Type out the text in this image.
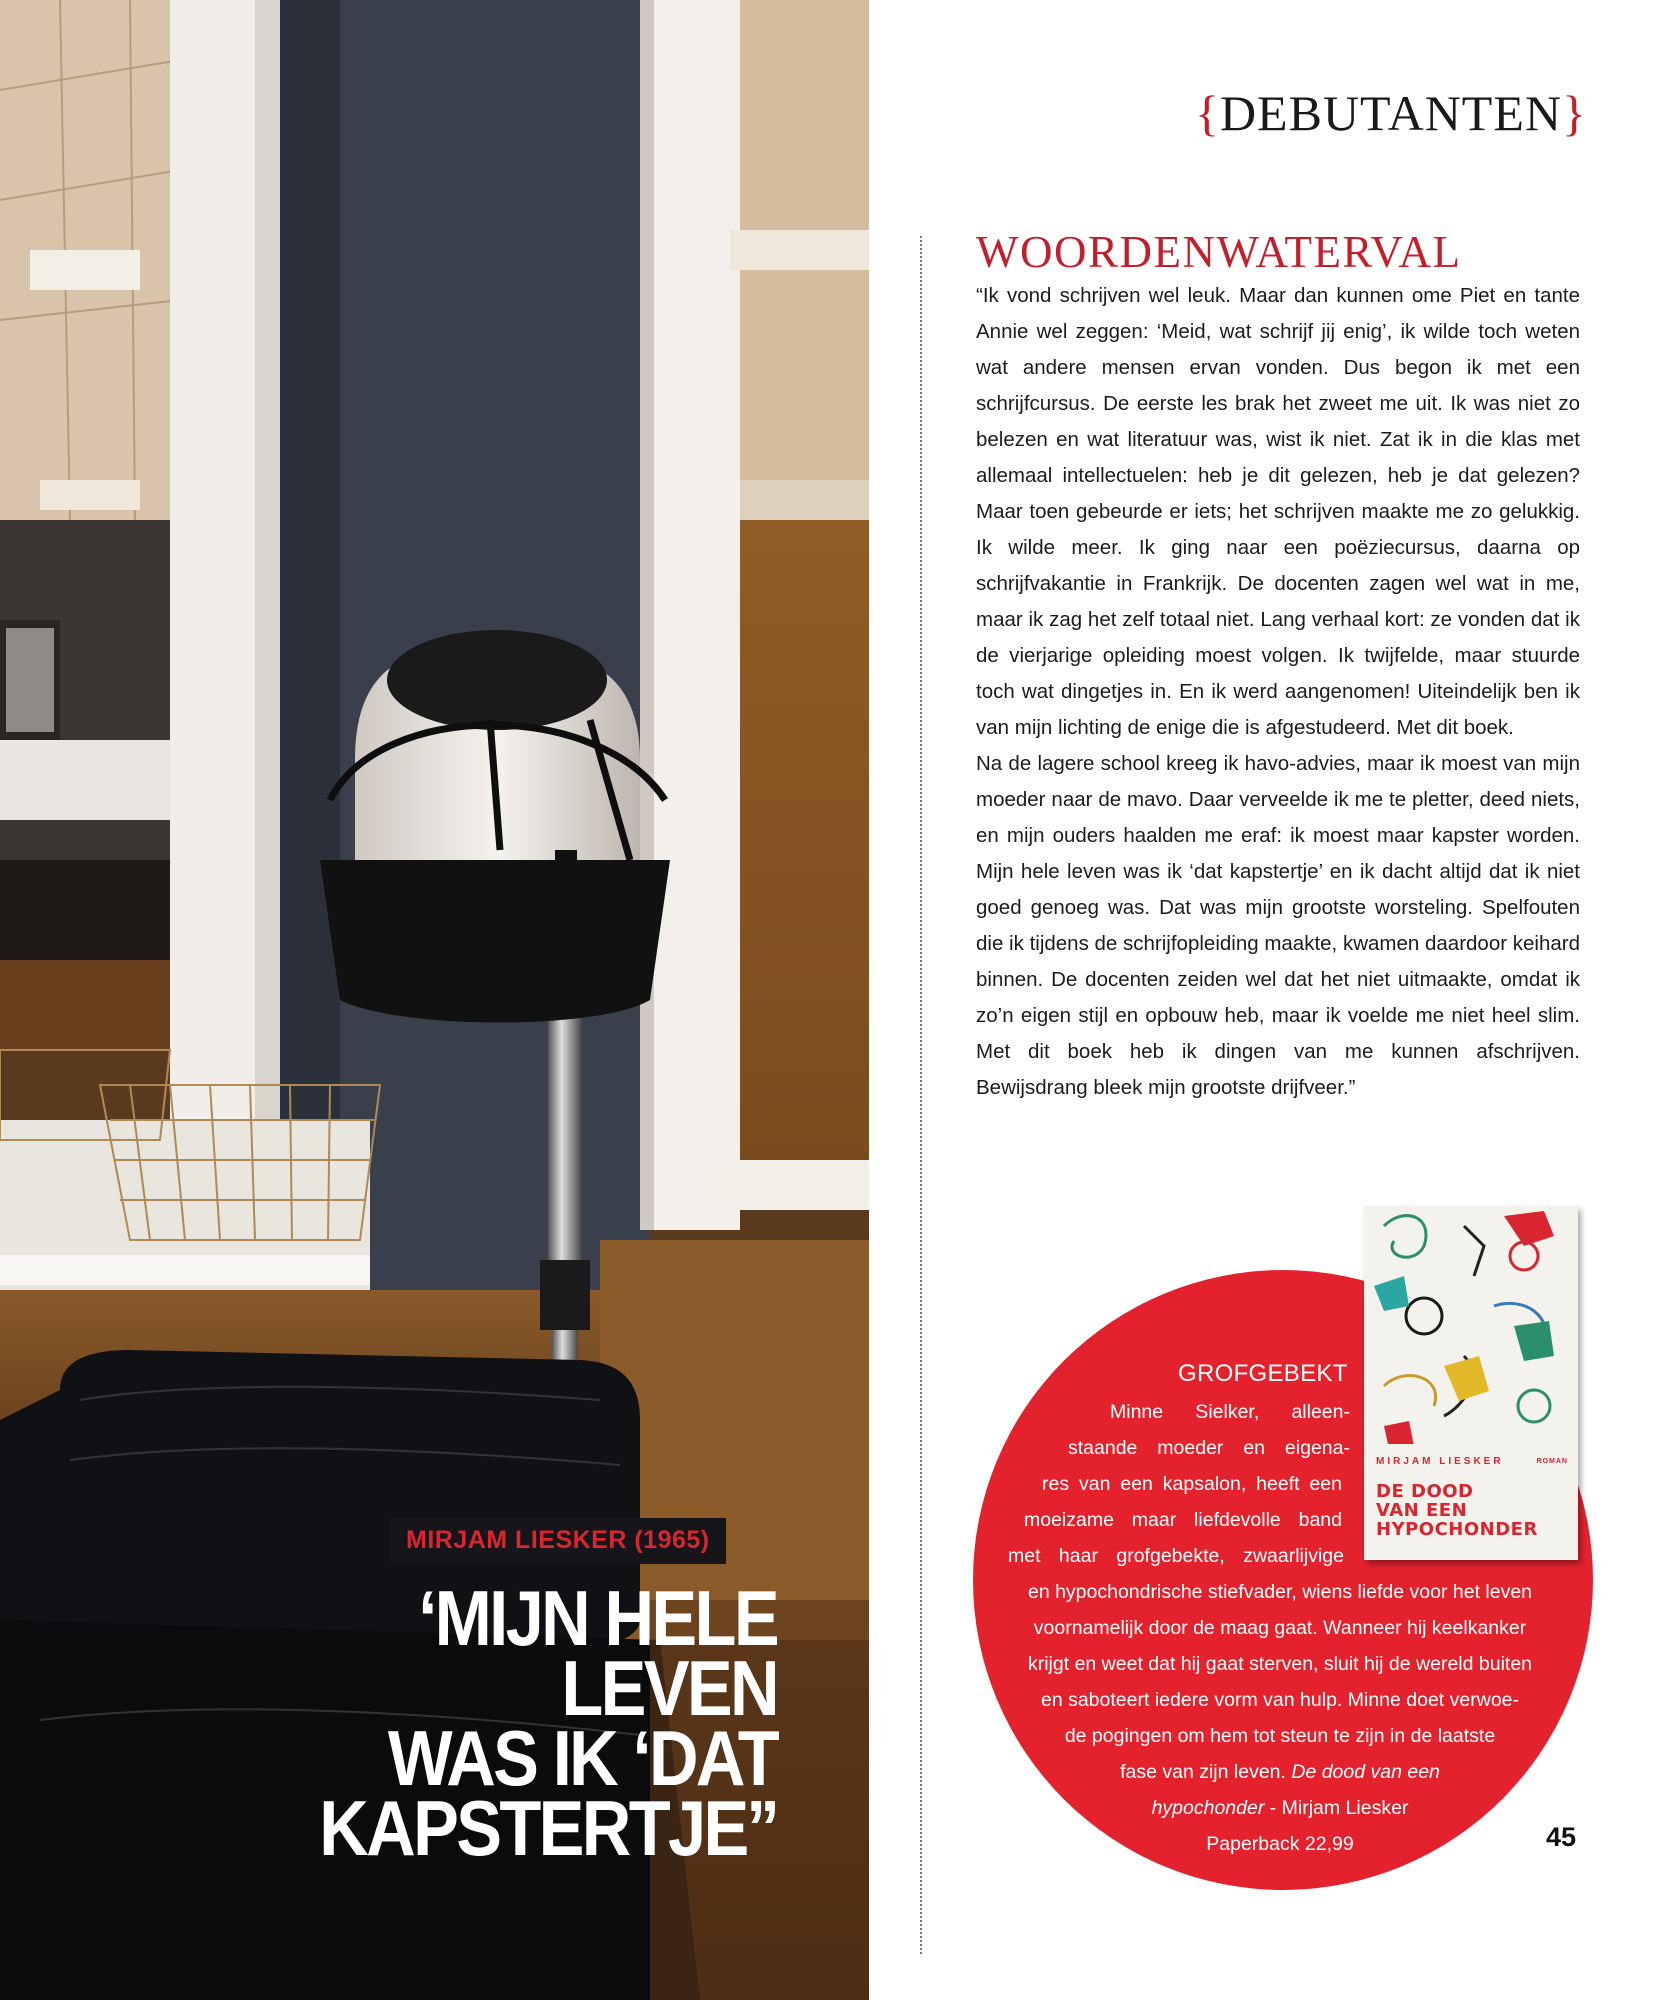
MIRJAM LIESKER (1965)
‘MIJN HELE
LEVEN
WAS IK ‘DAT
KAPSTERTJE’’
{DEBUTANTEN}
WOORDENWATERVAL

“Ik vond schrijven wel leuk. Maar dan kunnen ome Piet en tante Annie wel zeggen: ‘Meid, wat schrijf jij enig’, ik wilde toch weten wat andere mensen ervan vonden. Dus begon ik met een schrijfcursus. De eerste les brak het zweet me uit. Ik was niet zo belezen en wat literatuur was, wist ik niet. Zat ik in die klas met allemaal intellectuelen: heb je dit gelezen, heb je dat gelezen? Maar toen gebeurde er iets; het schrijven maakte me zo gelukkig. Ik wilde meer. Ik ging naar een poëziecursus, daarna op schrijfvakantie in Frankrijk. De docenten zagen wel wat in me, maar ik zag het zelf totaal niet. Lang verhaal kort: ze vonden dat ik de vierjarige opleiding moest volgen. Ik twijfelde, maar stuurde toch wat dingetjes in. En ik werd aangenomen! Uiteindelijk ben ik van mijn lichting de enige die is afgestudeerd. Met dit boek.

Na de lagere school kreeg ik havo-advies, maar ik moest van mijn moeder naar de mavo. Daar verveelde ik me te pletter, deed niets, en mijn ouders haalden me eraf: ik moest maar kapster worden. Mijn hele leven was ik ‘dat kapstertje’ en ik dacht altijd dat ik niet goed genoeg was. Dat was mijn grootste worsteling. Spelfouten die ik tijdens de schrijfopleiding maakte, kwamen daardoor keihard binnen. De docenten zeiden wel dat het niet uitmaakte, omdat ik zo’n eigen stijl en opbouw heb, maar ik voelde me niet heel slim. Met dit boek heb ik dingen van me kunnen afschrijven. Bewijsdrang bleek mijn grootste drijfveer.”

MIRJAM LIESKER	ROMAN
DE DOOD
VAN EEN
HYPOCHONDER
GROFGEBEKT
Minne Sielker, alleen-
staande moeder en eigena-
res van een kapsalon, heeft een
moeizame maar liefdevolle band
met haar grofgebekte, zwaarlijvige
en hypochondrische stiefvader, wiens liefde voor het leven
voornamelijk door de maag gaat. Wanneer hij keelkanker
krijgt en weet dat hij gaat sterven, sluit hij de wereld buiten
en saboteert iedere vorm van hulp. Minne doet verwoe-
de pogingen om hem tot steun te zijn in de laatste
fase van zijn leven. De dood van een
hypochonder - Mirjam Liesker
Paperback 22,99	45
